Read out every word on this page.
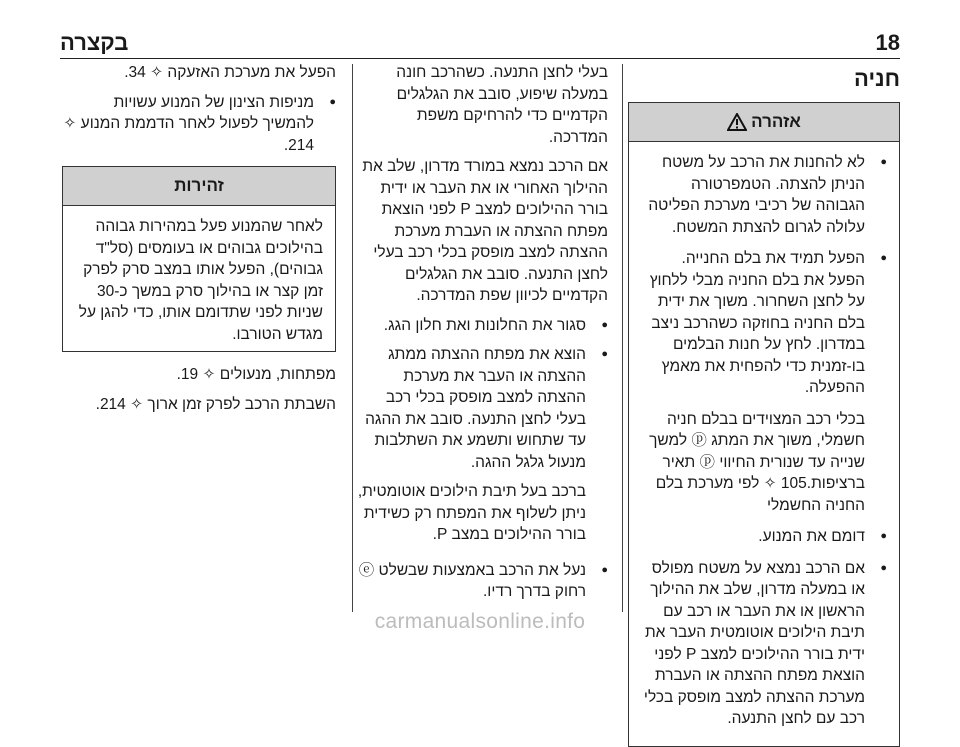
18
בקצרה
חניה
אזהרה
● לא להחנות את הרכב על משטח הניתן להצתה. הטמפרטורה הגבוהה של רכיבי מערכת הפליטה עלולה לגרום להצתת המשטח.
● הפעל תמיד את בלם החנייה. הפעל את בלם החניה מבלי ללחוץ על לחצן השחרור. משוך את ידית בלם החניה בחוזקה כשהרכב ניצב במדרון. לחץ על חנות הבלמים בו-זמנית כדי להפחית את מאמץ ההפעלה.
בכלי רכב המצוידים בבלם חניה חשמלי, משוך את המתג ⓟ למשך שנייה עד שנורית החיווי ⓟ תאיר ברציפות.105 ✧ לפי מערכת בלם החניה החשמלי
● דומם את המנוע.
● אם הרכב נמצא על משטח מפולס או במעלה מדרון, שלב את ההילוך הראשון או את העבר או רכב עם תיבת הילוכים אוטומטית העבר את ידית בורר ההילוכים למצב P לפני הוצאת מפתח ההצתה או העברת מערכת ההצתה למצב מופסק בכלי רכב עם לחצן התנעה.
בעלי לחצן התנעה. כשהרכב חונה במעלה שיפוע, סובב את הגלגלים הקדמיים כדי להרחיקם משפת המדרכה.
אם הרכב נמצא במורד מדרון, שלב את ההילוך האחורי או את העבר או ידית בורר ההילוכים למצב P לפני הוצאת מפתח ההצתה או העברת מערכת ההצתה למצב מופסק בכלי רכב בעלי לחצן התנעה. סובב את הגלגלים הקדמיים לכיוון שפת המדרכה.
● סגור את החלונות ואת חלון הגג.
● הוצא את מפתח ההצתה ממתג ההצתה או העבר את מערכת ההצתה למצב מופסק בכלי רכב בעלי לחצן התנעה. סובב את ההגה עד שתחוש ותשמע את השתלבות מנעול גלגל ההגה.
ברכב בעל תיבת הילוכים אוטומטית, ניתן לשלוף את המפתח רק כשידית בורר ההילוכים במצב P.
● נעל את הרכב באמצעות שבשלט ⓔ רחוק בדרך רדיו.
הפעל את מערכת האזעקה ✧ 34.
● מניפות הצינון של המנוע עשויות להמשיך לפעול לאחר הדממת המנוע ✧ 214.
זהירות
לאחר שהמנוע פעל במהירות גבוהה בהילוכים גבוהים או בעומסים (סל"ד גבוהים), הפעל אותו במצב סרק לפרק זמן קצר או בהילוך סרק במשך כ-30 שניות לפני שתדומם אותו, כדי להגן על מגדש הטורבו.
מפתחות, מנעולים ✧ 19.
השבתת הרכב לפרק זמן ארוך ✧ 214.
carmanualsonline.info
